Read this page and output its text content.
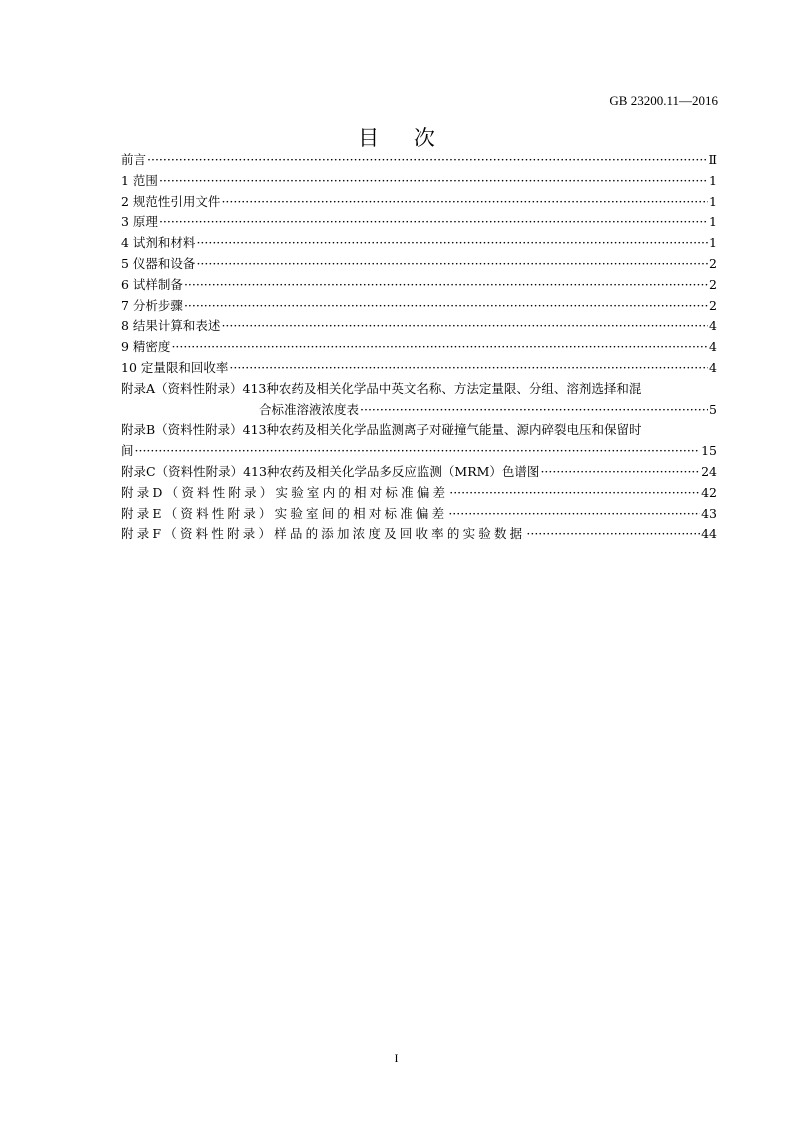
GB 23200.11—2016
目 次
前言 ·····	Ⅱ
1 范围 ·····	1
2 规范性引用文件 ·····	1
3 原理 ·····	1
4 试剂和材料 ·····	1
5 仪器和设备 ·····	2
6 试样制备 ·····	2
7 分析步骤 ·····	2
8 结果计算和表述 ·····	4
9 精密度 ·····	4
10 定量限和回收率 ·····	4
附录A（资料性附录）413种农药及相关化学品中英文名称、方法定量限、分组、溶剂选择和混
合标准溶液浓度表 ·····	5
附录B（资料性附录）413种农药及相关化学品监测离子对碰撞气能量、源内碎裂电压和保留时
间 ·····	15
附录C（资料性附录）413种农药及相关化学品多反应监测（MRM）色谱图 ·····	24
附录D（资料性附录）实验室内的相对标准偏差 ·····	42
附录E（资料性附录）实验室间的相对标准偏差 ·····	43
附录F（资料性附录）样品的添加浓度及回收率的实验数据 ·····	44
I
